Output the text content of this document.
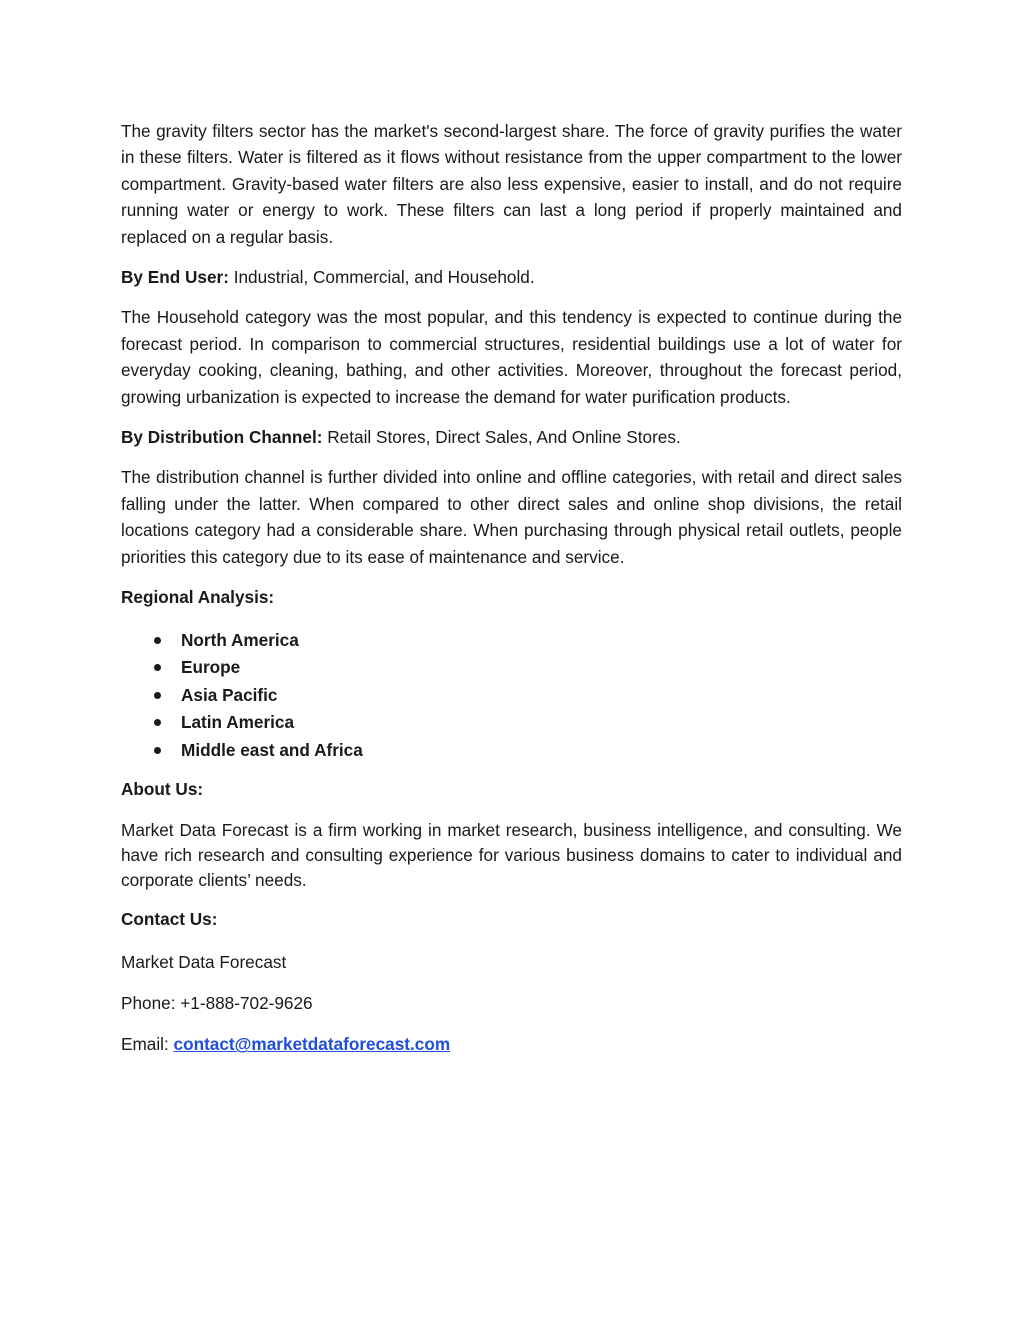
The gravity filters sector has the market's second-largest share. The force of gravity purifies the water in these filters. Water is filtered as it flows without resistance from the upper compartment to the lower compartment. Gravity-based water filters are also less expensive, easier to install, and do not require running water or energy to work. These filters can last a long period if properly maintained and replaced on a regular basis.

By End User: Industrial, Commercial, and Household.

The Household category was the most popular, and this tendency is expected to continue during the forecast period. In comparison to commercial structures, residential buildings use a lot of water for everyday cooking, cleaning, bathing, and other activities. Moreover, throughout the forecast period, growing urbanization is expected to increase the demand for water purification products.

By Distribution Channel: Retail Stores, Direct Sales, And Online Stores.

The distribution channel is further divided into online and offline categories, with retail and direct sales falling under the latter. When compared to other direct sales and online shop divisions, the retail locations category had a considerable share. When purchasing through physical retail outlets, people priorities this category due to its ease of maintenance and service.

Regional Analysis:

North America
Europe
Asia Pacific
Latin America
Middle east and Africa

About Us:

Market Data Forecast is a firm working in market research, business intelligence, and consulting. We have rich research and consulting experience for various business domains to cater to individual and corporate clients’ needs.

Contact Us:

Market Data Forecast

Phone: +1-888-702-9626

Email: contact@marketdataforecast.com
